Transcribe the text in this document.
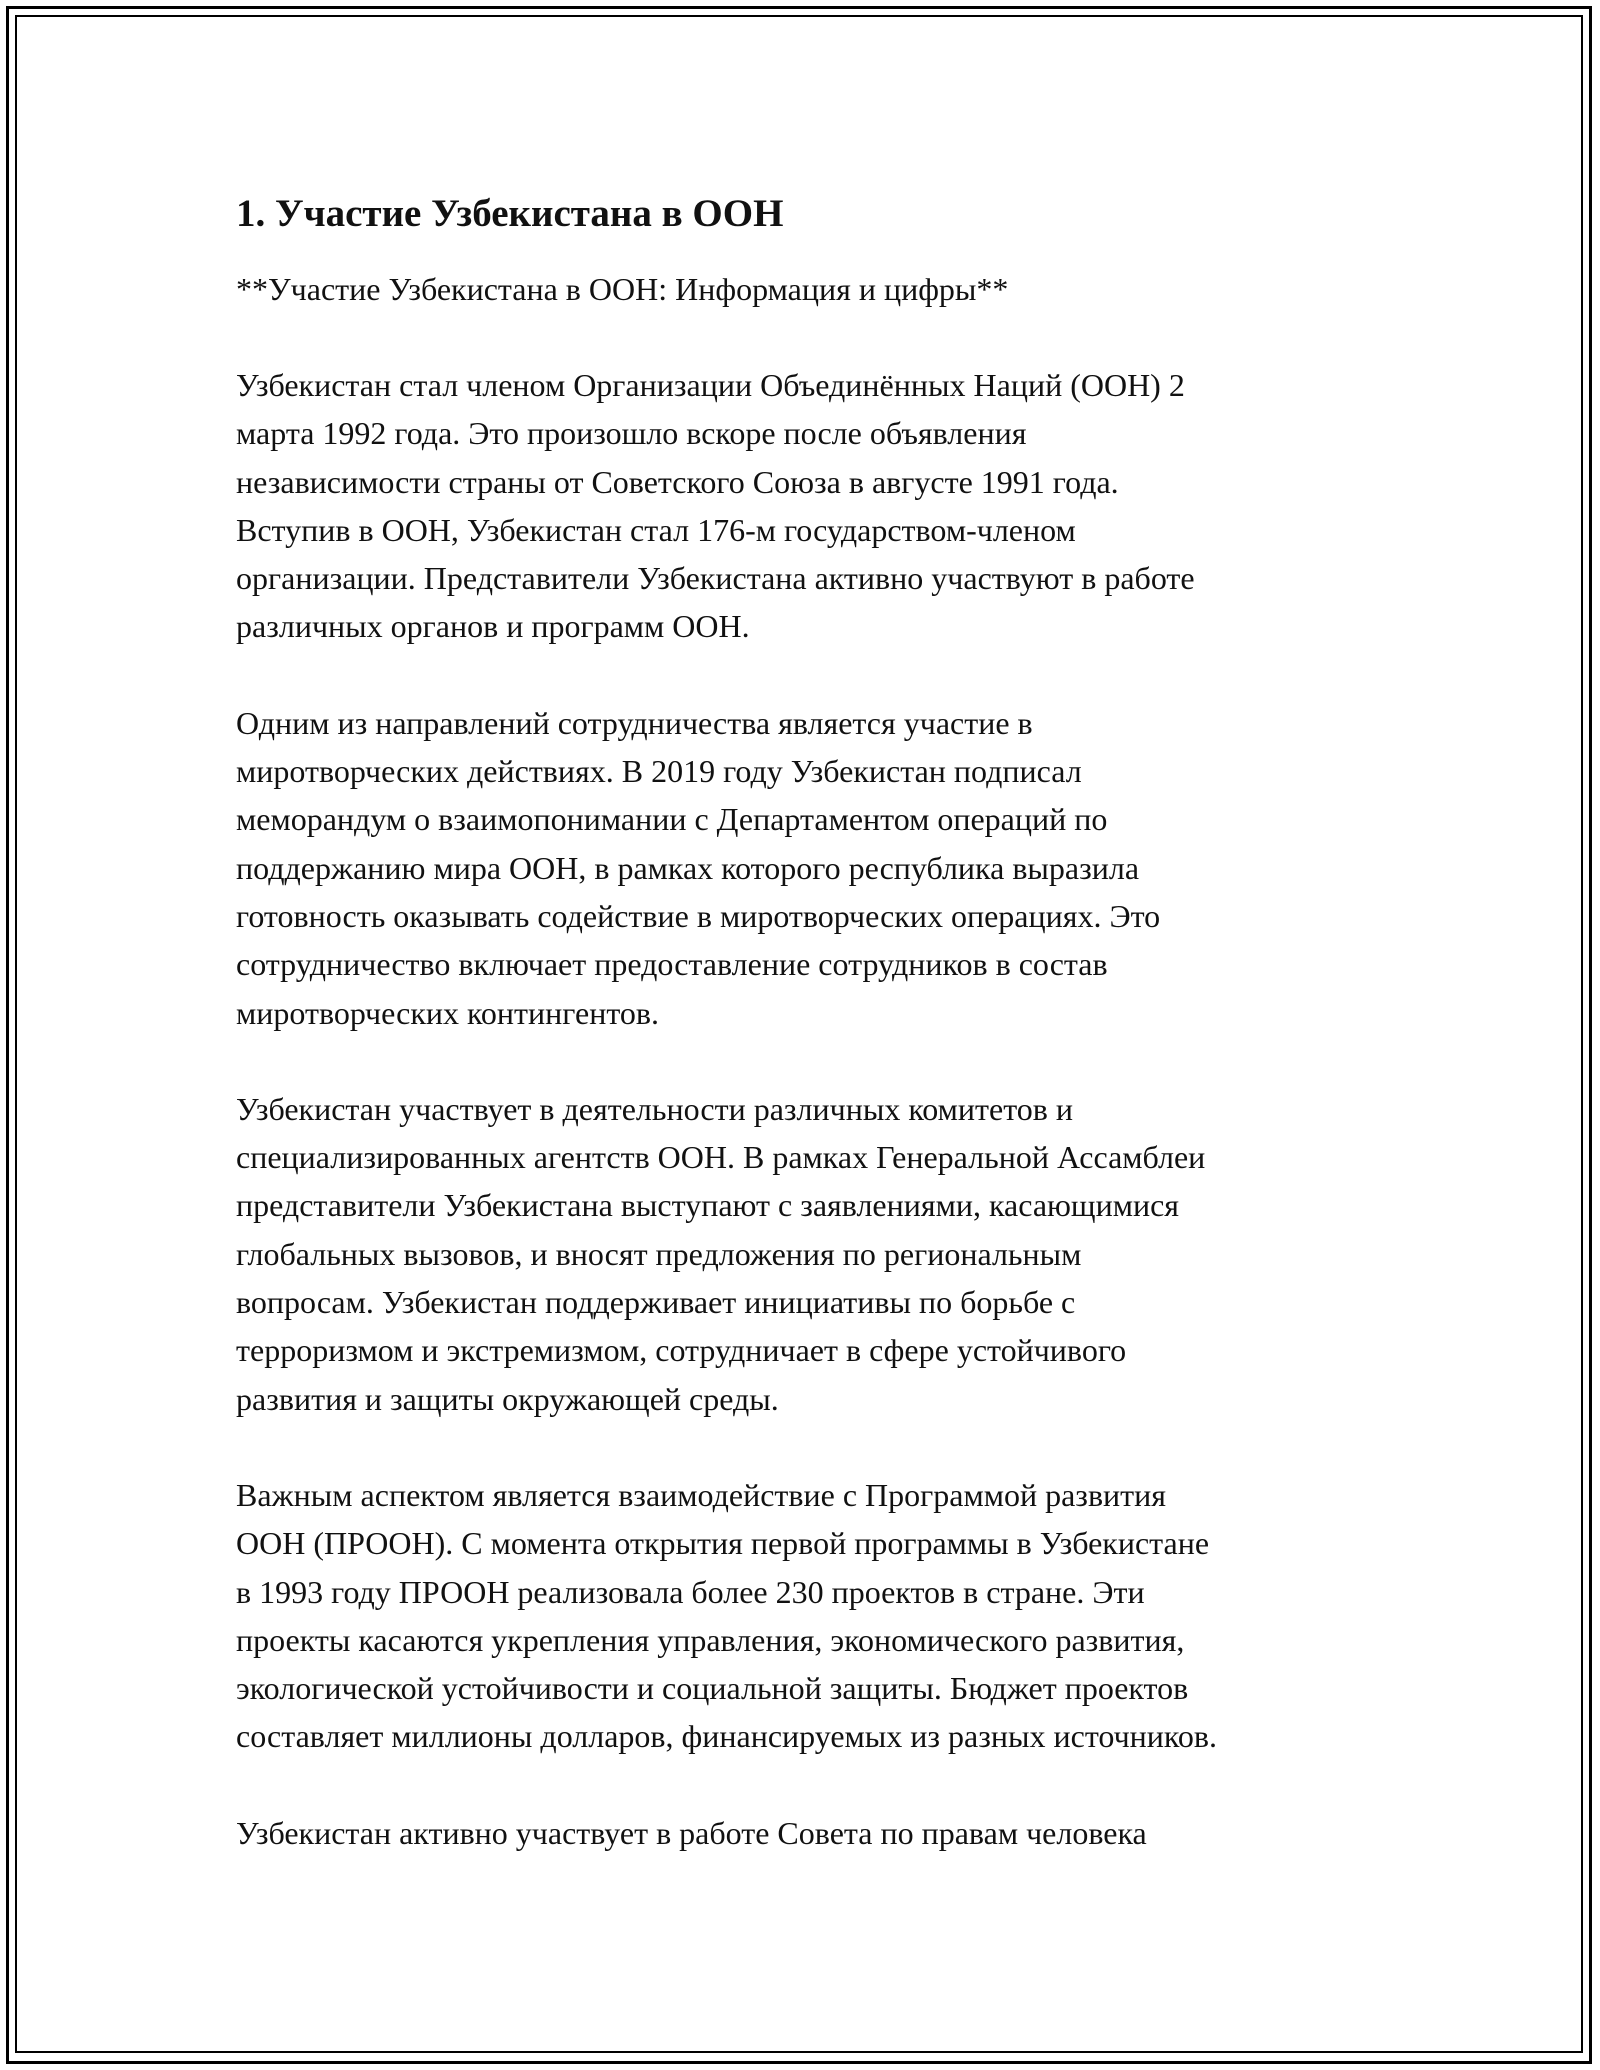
1. Участие Узбекистана в ООН

**Участие Узбекистана в ООН: Информация и цифры**

Узбекистан стал членом Организации Объединённых Наций (ООН) 2
марта 1992 года. Это произошло вскоре после объявления
независимости страны от Советского Союза в августе 1991 года.
Вступив в ООН, Узбекистан стал 176-м государством-членом
организации. Представители Узбекистана активно участвуют в работе
различных органов и программ ООН.

Одним из направлений сотрудничества является участие в
миротворческих действиях. В 2019 году Узбекистан подписал
меморандум о взаимопонимании с Департаментом операций по
поддержанию мира ООН, в рамках которого республика выразила
готовность оказывать содействие в миротворческих операциях. Это
сотрудничество включает предоставление сотрудников в состав
миротворческих контингентов.

Узбекистан участвует в деятельности различных комитетов и
специализированных агентств ООН. В рамках Генеральной Ассамблеи
представители Узбекистана выступают с заявлениями, касающимися
глобальных вызовов, и вносят предложения по региональным
вопросам. Узбекистан поддерживает инициативы по борьбе с
терроризмом и экстремизмом, сотрудничает в сфере устойчивого
развития и защиты окружающей среды.

Важным аспектом является взаимодействие с Программой развития
ООН (ПРООН). С момента открытия первой программы в Узбекистане
в 1993 году ПРООН реализовала более 230 проектов в стране. Эти
проекты касаются укрепления управления, экономического развития,
экологической устойчивости и социальной защиты. Бюджет проектов
составляет миллионы долларов, финансируемых из разных источников.

Узбекистан активно участвует в работе Совета по правам человека
